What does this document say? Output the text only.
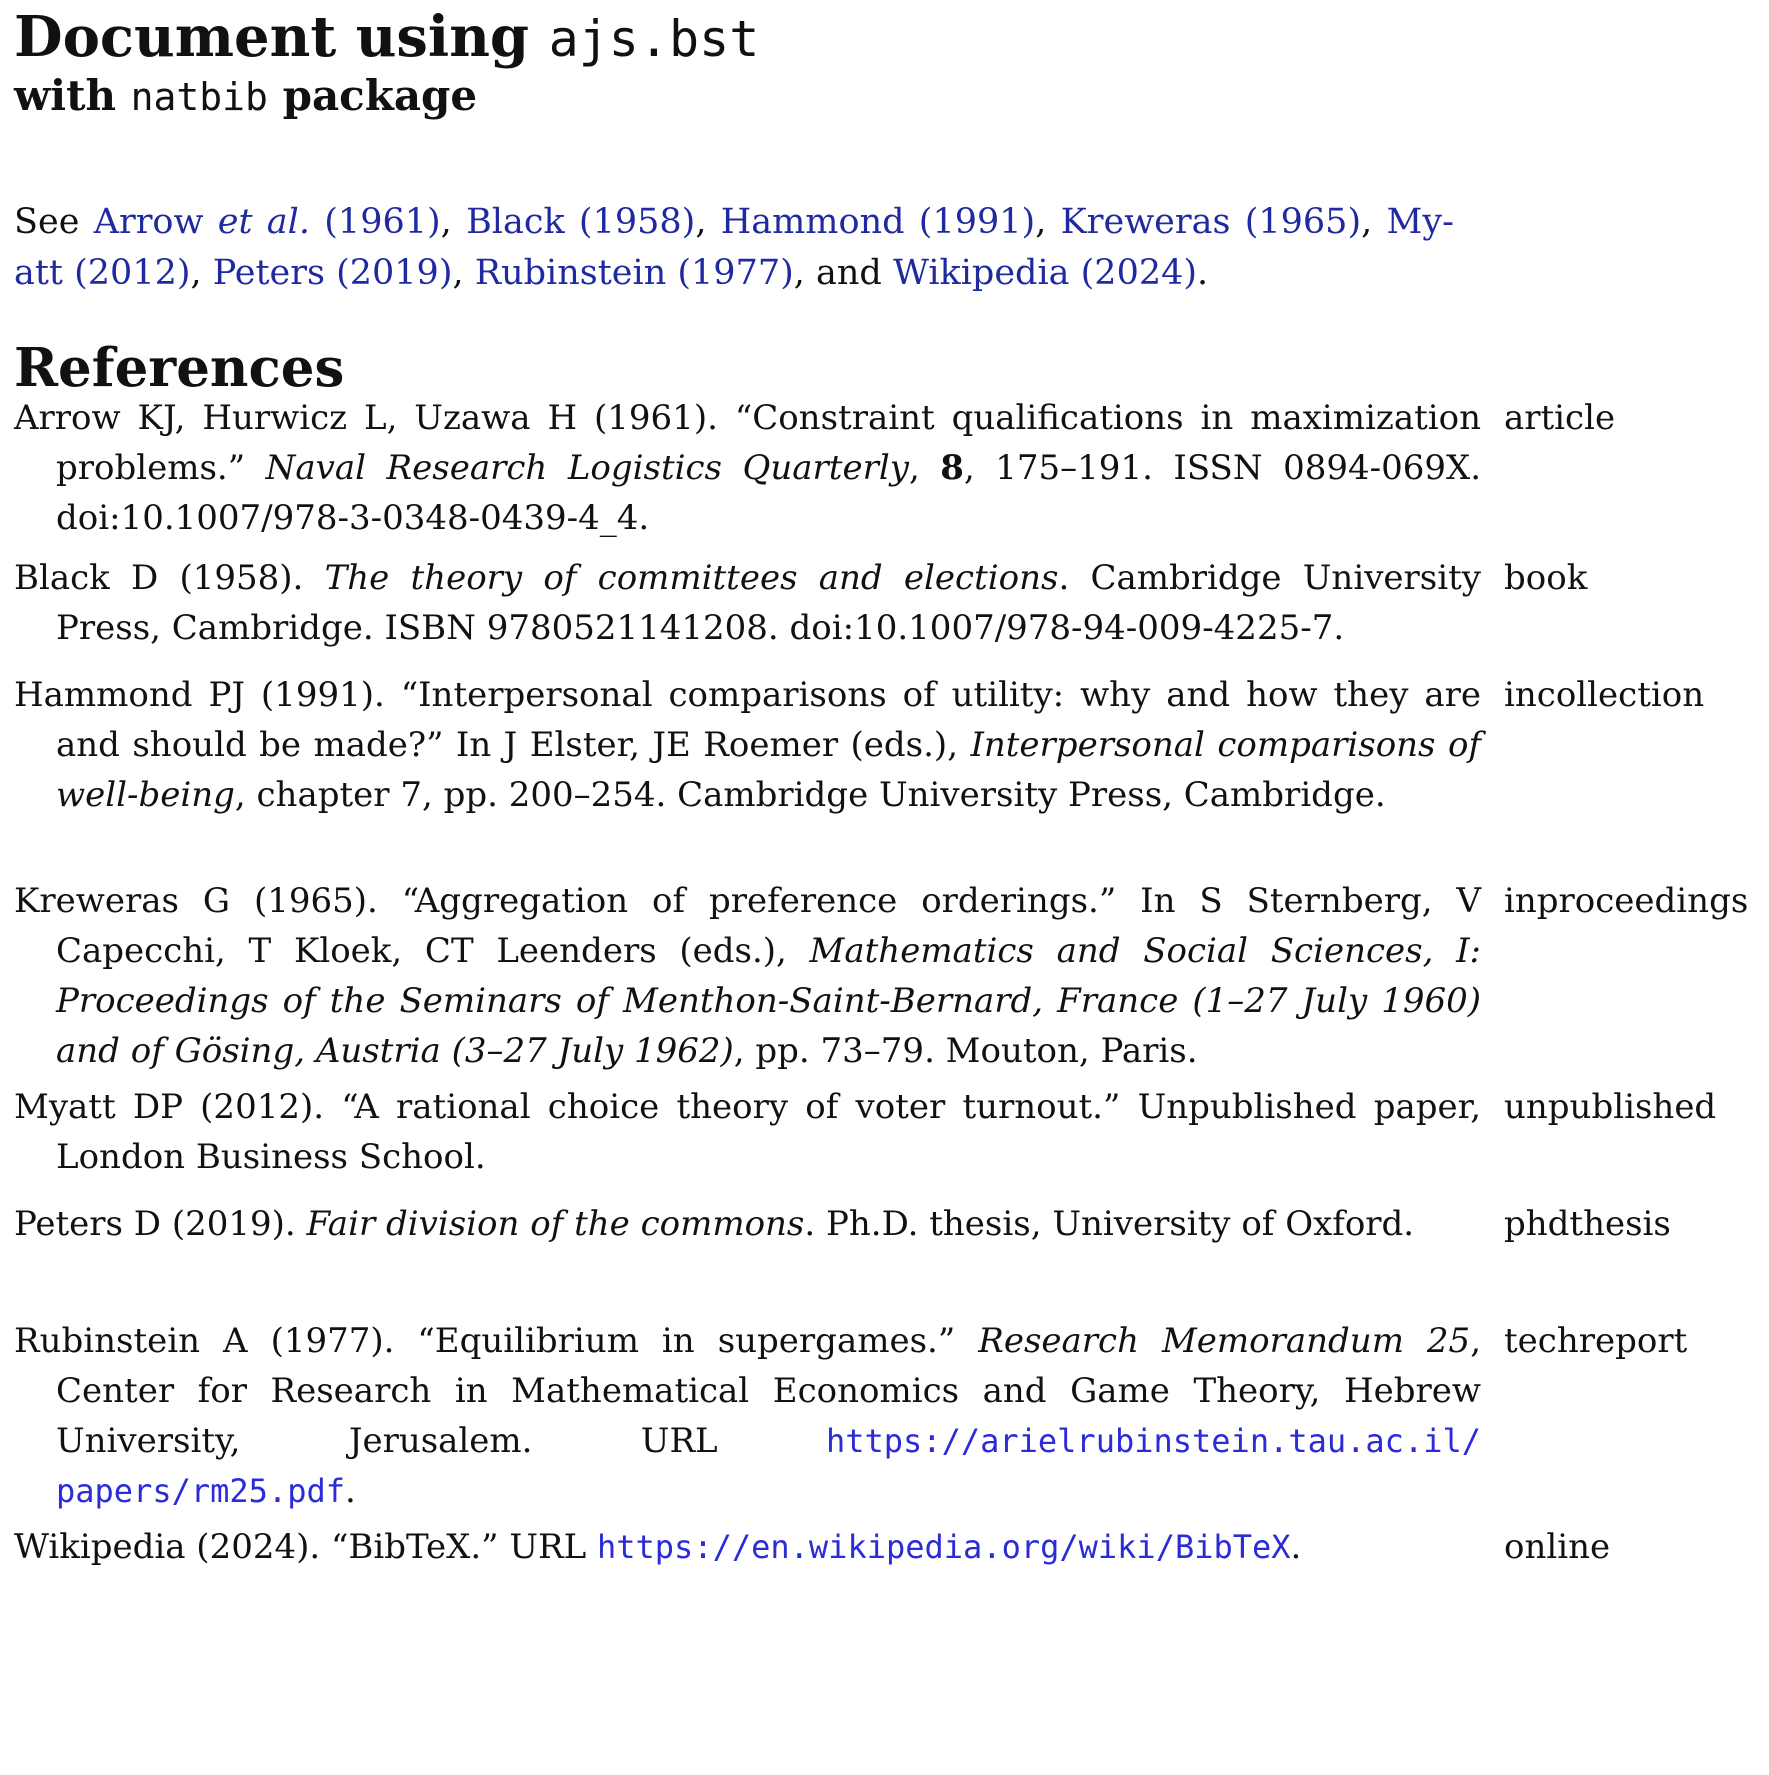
Document using ajs.bst
with natbib package

See Arrow et al. (1961), Black (1958), Hammond (1991), Kreweras (1965), Myatt (2012), Peters (2019), Rubinstein (1977), and Wikipedia (2024).

References
Arrow KJ, Hurwicz L, Uzawa H (1961). “Constraint qualifications in maximization problems.” Naval Research Logistics Quarterly, 8, 175–191. ISSN 0894-069X. doi:10.1007/978-3-0348-0439-4_4.
article
Black D (1958). The theory of committees and elections. Cambridge University Press, Cambridge. ISBN 9780521141208. doi:10.1007/978-94-009-4225-7.
book
Hammond PJ (1991). “Interpersonal comparisons of utility: why and how they are and should be made?” In J Elster, JE Roemer (eds.), Interpersonal comparisons of well-being, chapter 7, pp. 200–254. Cambridge University Press, Cambridge.
incollection
Kreweras G (1965). “Aggregation of preference orderings.” In S Sternberg, V Capecchi, T Kloek, CT Leenders (eds.), Mathematics and Social Sciences, I: Proceedings of the Seminars of Menthon-Saint-Bernard, France (1–27 July 1960) and of Gösing, Austria (3–27 July 1962), pp. 73–79. Mouton, Paris.
inproceedings
Myatt DP (2012). “A rational choice theory of voter turnout.” Unpublished paper, London Business School.
unpublished
Peters D (2019). Fair division of the commons. Ph.D. thesis, University of Oxford.	phdthesis
Rubinstein A (1977). “Equilibrium in supergames.” Research Memorandum 25, Center for Research in Mathematical Economics and Game Theory, Hebrew University, Jerusalem. URL https://arielrubinstein.tau.ac.il/​papers/rm25.pdf.
techreport
Wikipedia (2024). “BibTeX.” URL https://en.wikipedia.org/wiki/BibTeX.	online
